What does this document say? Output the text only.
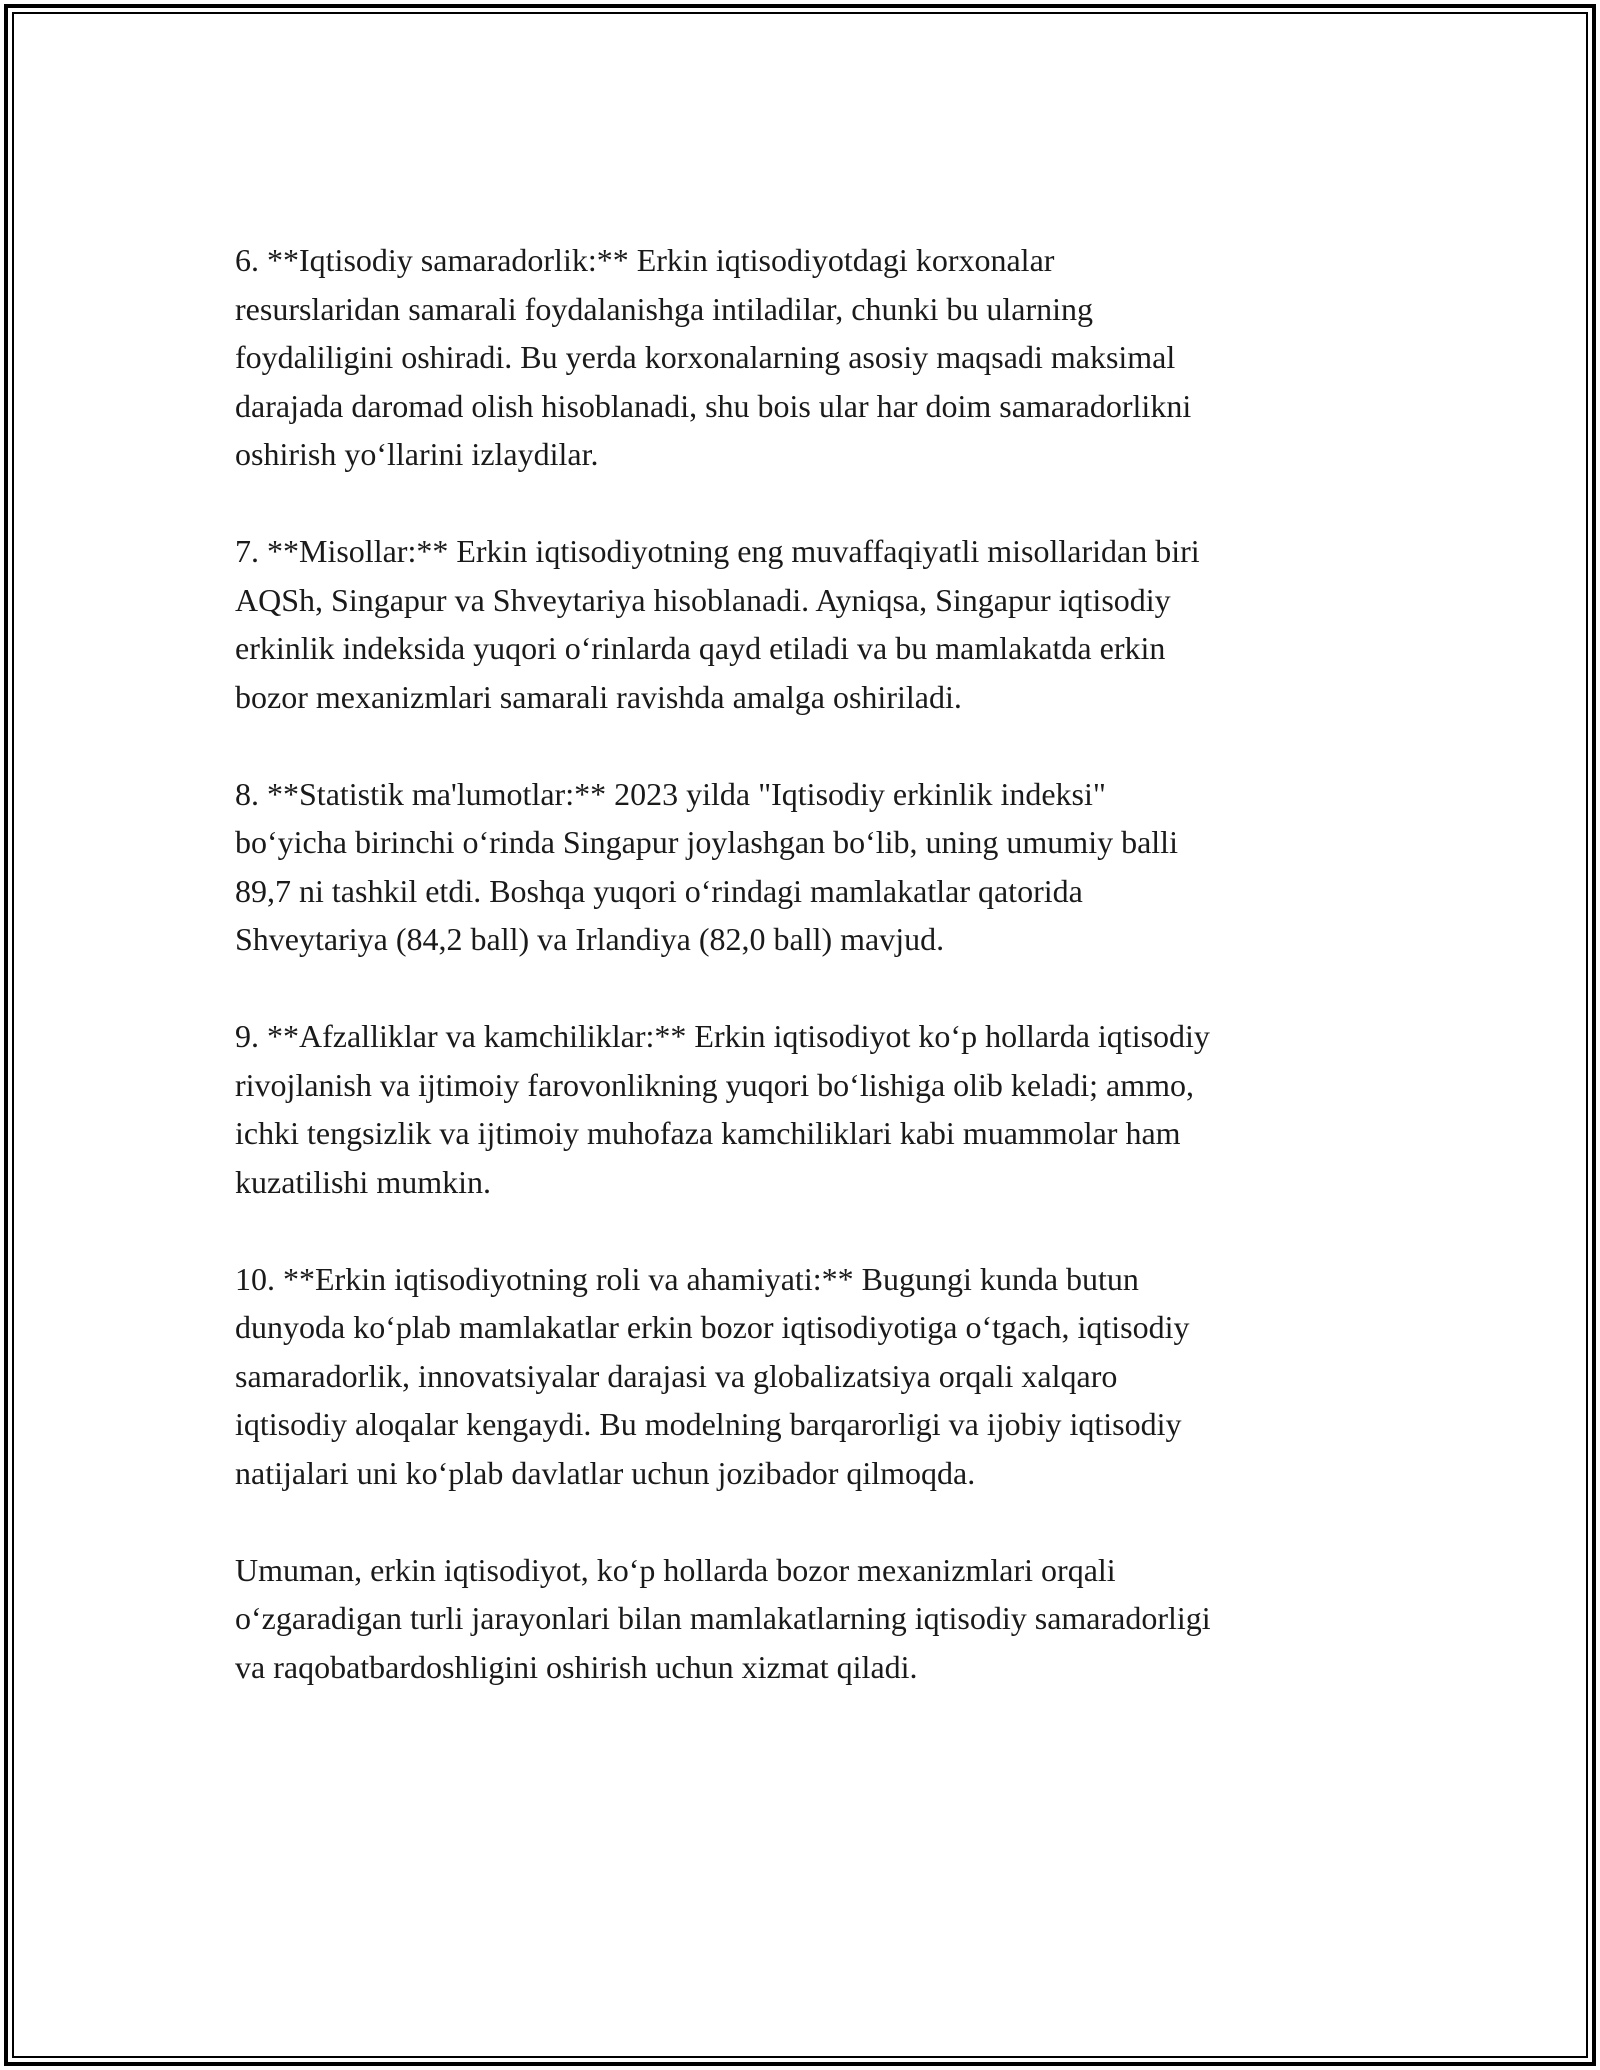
6. **Iqtisodiy samaradorlik:** Erkin iqtisodiyotdagi korxonalar
resurslaridan samarali foydalanishga intiladilar, chunki bu ularning
foydaliligini oshiradi. Bu yerda korxonalarning asosiy maqsadi maksimal
darajada daromad olish hisoblanadi, shu bois ular har doim samaradorlikni
oshirish yo‘llarini izlaydilar.
7. **Misollar:** Erkin iqtisodiyotning eng muvaffaqiyatli misollaridan biri
AQSh, Singapur va Shveytariya hisoblanadi. Ayniqsa, Singapur iqtisodiy
erkinlik indeksida yuqori o‘rinlarda qayd etiladi va bu mamlakatda erkin
bozor mexanizmlari samarali ravishda amalga oshiriladi.
8. **Statistik ma'lumotlar:** 2023 yilda "Iqtisodiy erkinlik indeksi"
bo‘yicha birinchi o‘rinda Singapur joylashgan bo‘lib, uning umumiy balli
89,7 ni tashkil etdi. Boshqa yuqori o‘rindagi mamlakatlar qatorida
Shveytariya (84,2 ball) va Irlandiya (82,0 ball) mavjud.
9. **Afzalliklar va kamchiliklar:** Erkin iqtisodiyot ko‘p hollarda iqtisodiy
rivojlanish va ijtimoiy farovonlikning yuqori bo‘lishiga olib keladi; ammo,
ichki tengsizlik va ijtimoiy muhofaza kamchiliklari kabi muammolar ham
kuzatilishi mumkin.
10. **Erkin iqtisodiyotning roli va ahamiyati:** Bugungi kunda butun
dunyoda ko‘plab mamlakatlar erkin bozor iqtisodiyotiga o‘tgach, iqtisodiy
samaradorlik, innovatsiyalar darajasi va globalizatsiya orqali xalqaro
iqtisodiy aloqalar kengaydi. Bu modelning barqarorligi va ijobiy iqtisodiy
natijalari uni ko‘plab davlatlar uchun jozibador qilmoqda.
Umuman, erkin iqtisodiyot, ko‘p hollarda bozor mexanizmlari orqali
o‘zgaradigan turli jarayonlari bilan mamlakatlarning iqtisodiy samaradorligi
va raqobatbardoshligini oshirish uchun xizmat qiladi.
